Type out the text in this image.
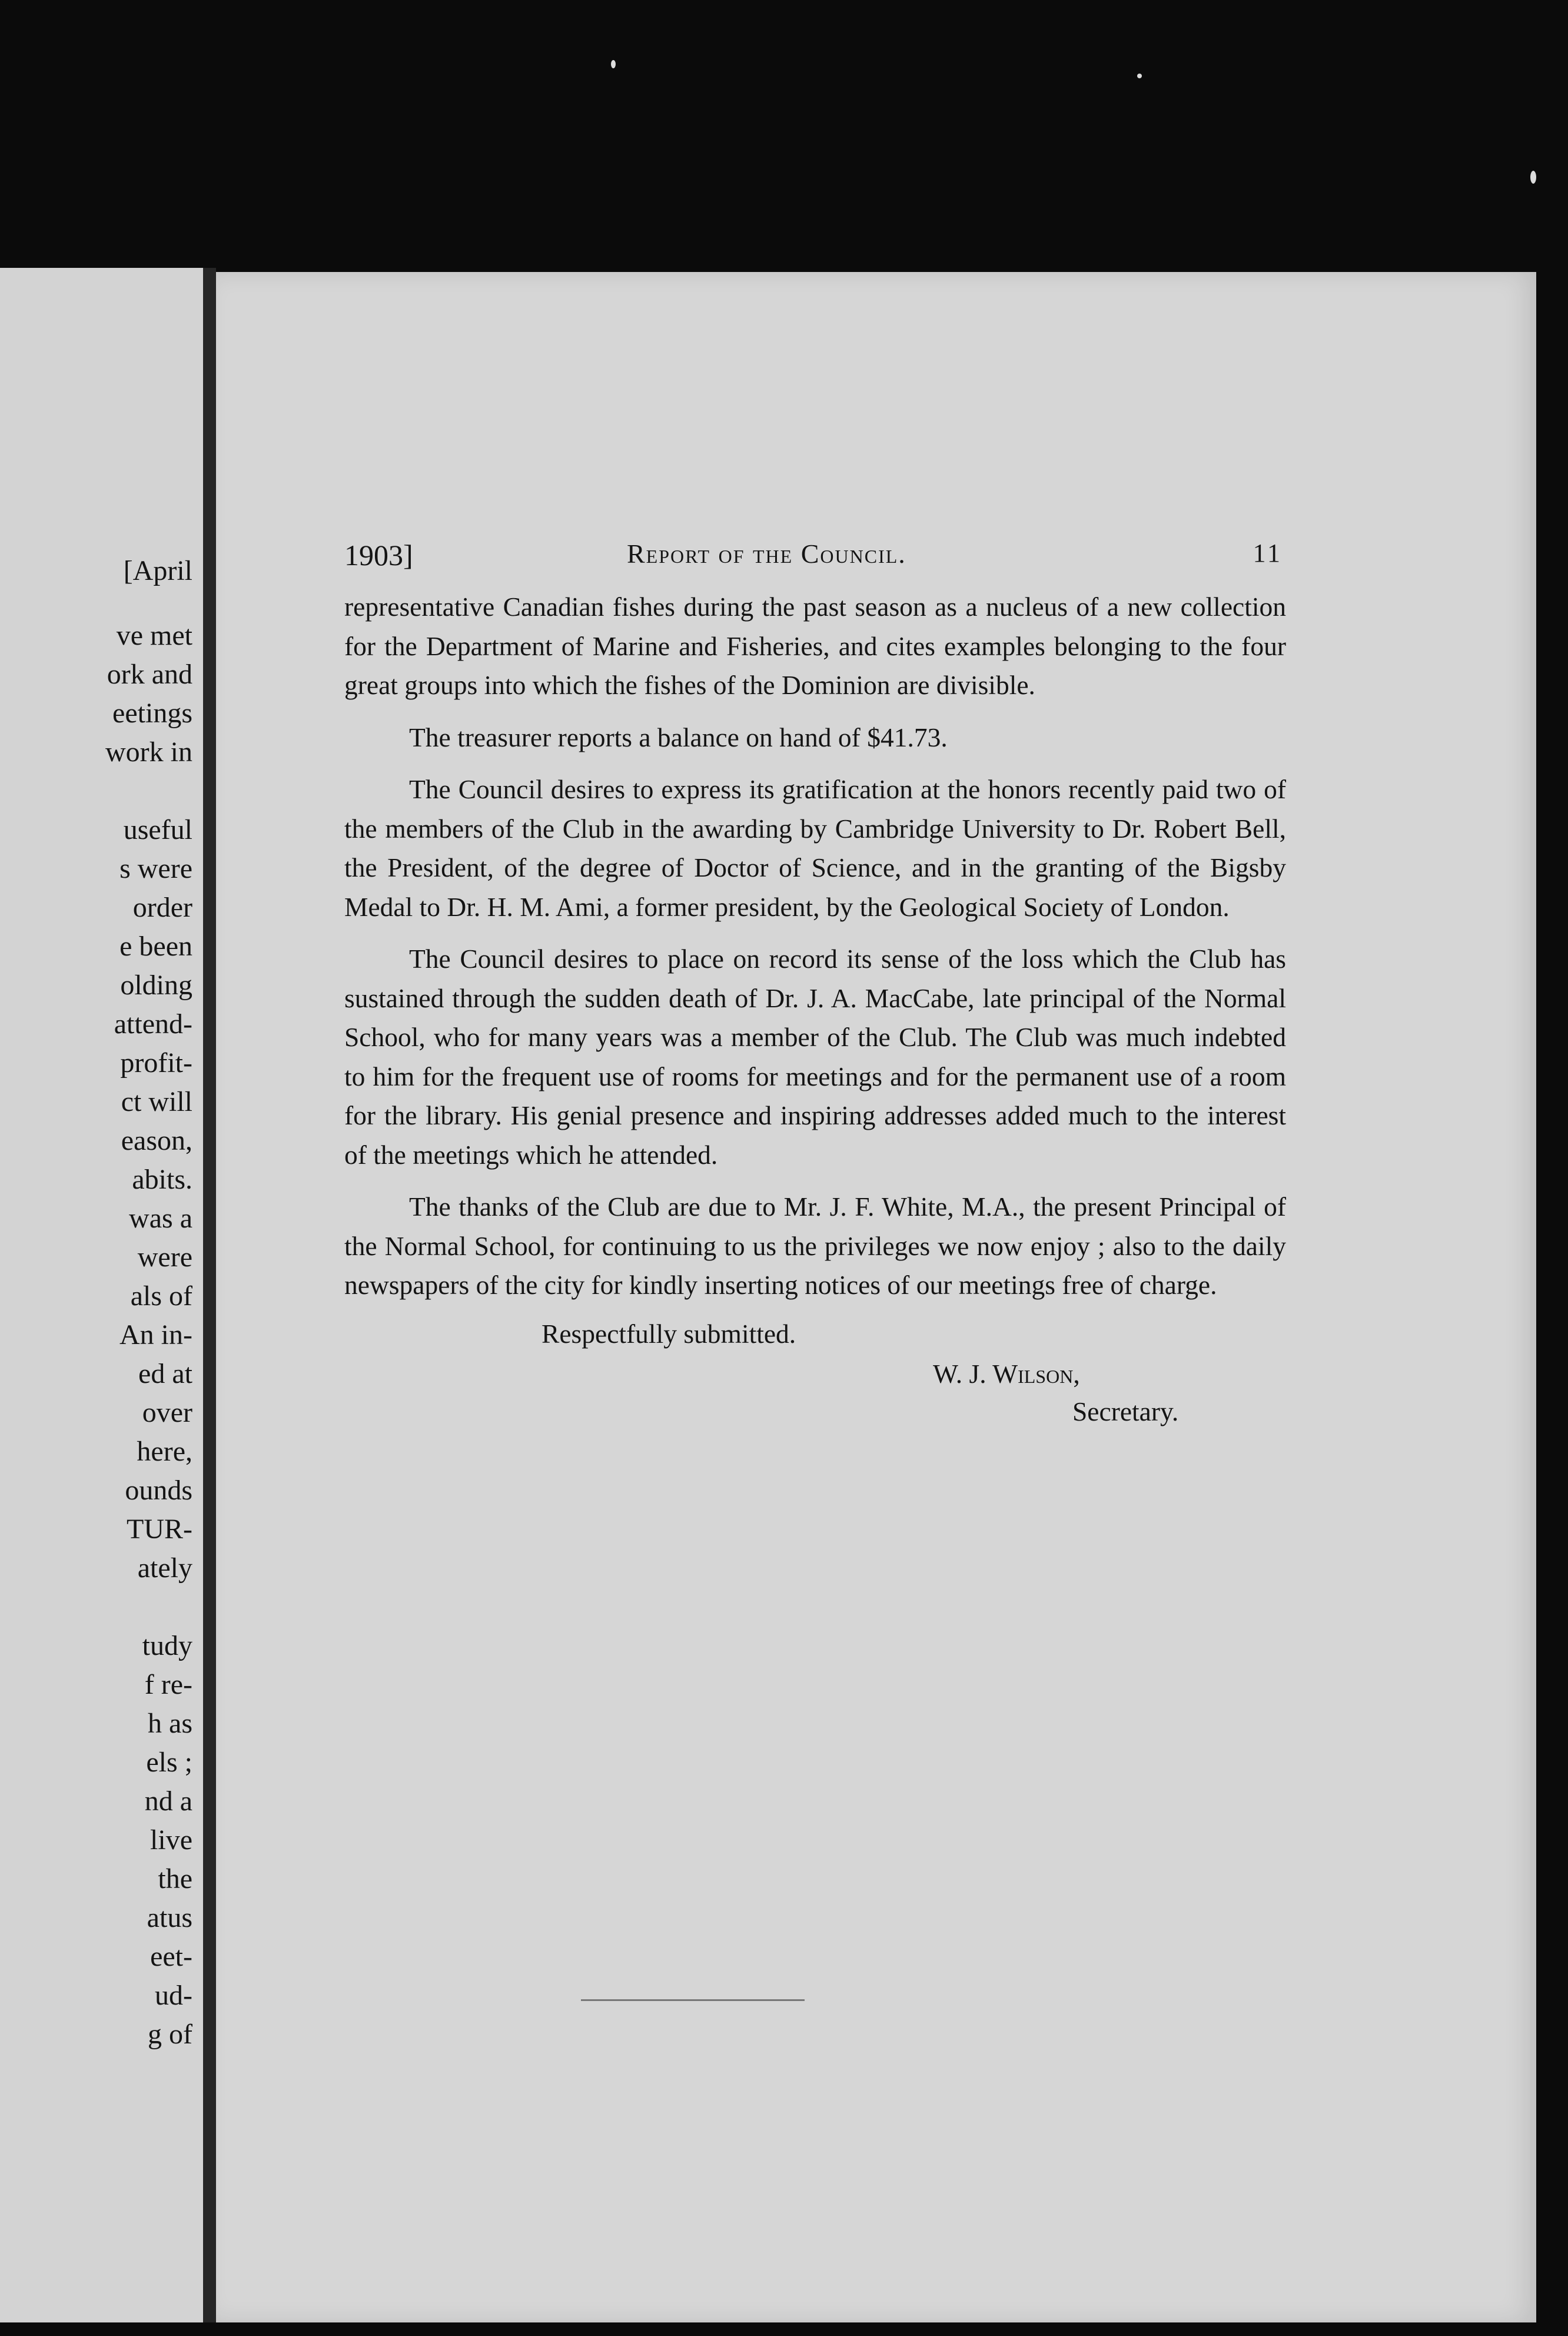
[April
ve met
ork and
eetings
work in
useful
s were
order
e been
olding
attend-
profit-
ct will
eason,
abits.
was a
were
als of
An in-
ed at
over
here,
ounds
TUR-
ately
tudy
f re-
h as
els ;
nd a
live
the
atus
eet-
ud-
g of
1903]	Report of the Council.	11

representative Canadian fishes during the past season as a nucleus of a new collection for the Department of Marine and Fisheries, and cites examples belonging to the four great groups into which the fishes of the Dominion are divisible.

The treasurer reports a balance on hand of $41.73.

The Council desires to express its gratification at the honors recently paid two of the members of the Club in the awarding by Cambridge University to Dr. Robert Bell, the President, of the degree of Doctor of Science, and in the granting of the Bigsby Medal to Dr. H. M. Ami, a former president, by the Geological Society of London.

The Council desires to place on record its sense of the loss which the Club has sustained through the sudden death of Dr. J. A. MacCabe, late principal of the Normal School, who for many years was a member of the Club. The Club was much indebted to him for the frequent use of rooms for meetings and for the permanent use of a room for the library. His genial presence and inspiring addresses added much to the interest of the meetings which he attended.

The thanks of the Club are due to Mr. J. F. White, M.A., the present Principal of the Normal School, for continuing to us the privileges we now enjoy ; also to the daily newspapers of the city for kindly inserting notices of our meetings free of charge.

Respectfully submitted.
W. J. Wilson,
Secretary.
